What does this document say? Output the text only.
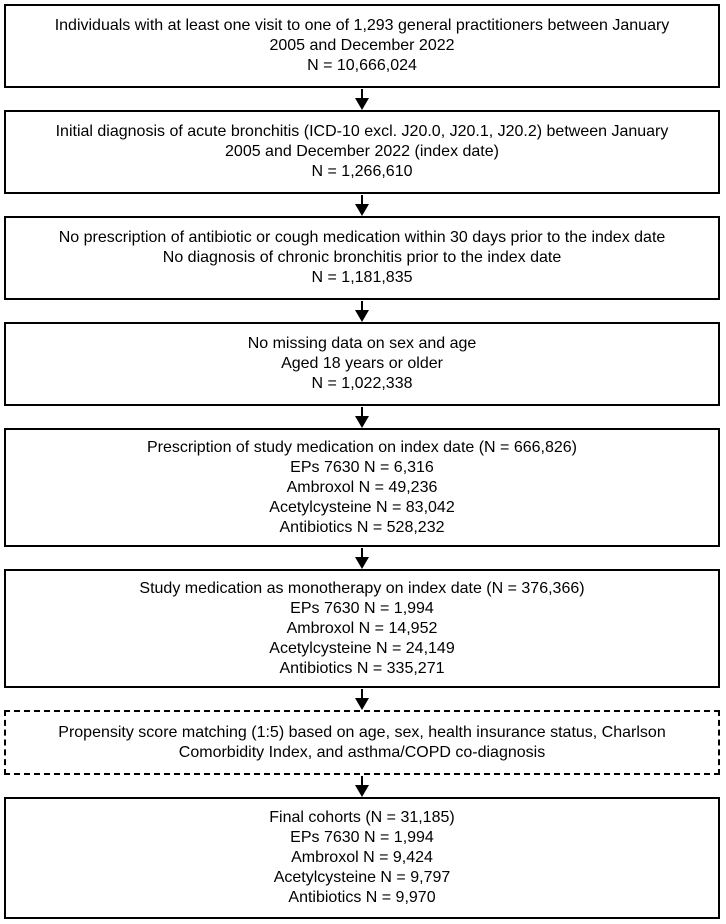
Individuals with at least one visit to one of 1,293 general practitioners between January
2005 and December 2022
N = 10,666,024
Initial diagnosis of acute bronchitis (ICD-10 excl. J20.0, J20.1, J20.2) between January
2005 and December 2022 (index date)
N = 1,266,610
No prescription of antibiotic or cough medication within 30 days prior to the index date
No diagnosis of chronic bronchitis prior to the index date
N = 1,181,835
No missing data on sex and age
Aged 18 years or older
N = 1,022,338
Prescription of study medication on index date (N = 666,826)
EPs 7630 N = 6,316
Ambroxol N = 49,236
Acetylcysteine N = 83,042
Antibiotics N = 528,232
Study medication as monotherapy on index date (N = 376,366)
EPs 7630 N = 1,994
Ambroxol N = 14,952
Acetylcysteine N = 24,149
Antibiotics N = 335,271
Propensity score matching (1:5) based on age, sex, health insurance status, Charlson
Comorbidity Index, and asthma/COPD co-diagnosis
Final cohorts (N = 31,185)
EPs 7630 N = 1,994
Ambroxol N = 9,424
Acetylcysteine N = 9,797
Antibiotics N = 9,970
